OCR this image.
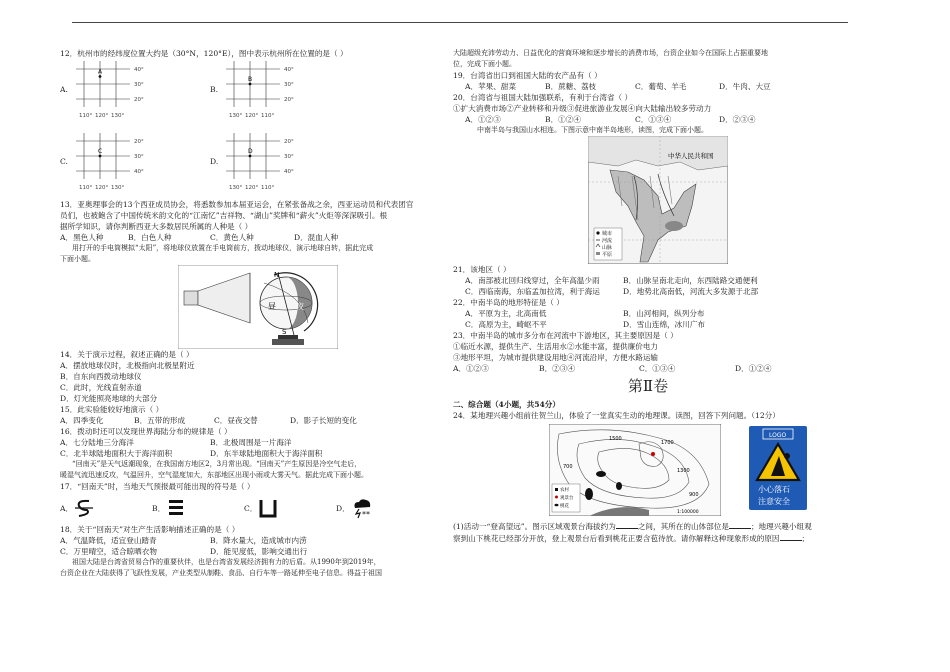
12．杭州市的经纬度位置大约是（30°N，120°E），图中表示杭州所在位置的是（ ）

A.
110° 120° 130°
40°
30°
20°
A
B.
130° 120° 110°
40°
30°
20°
B
C.
110° 120° 130°
20°
30°
40°
C
D.
130° 120° 110°
20°
30°
40°
D

13．亚奥理事会的13个西亚成员协会，将悉数参加本届亚运会，在紧张备战之余，西亚运动员和代表团官

员们，也被飽含了中国传统米韵文化的“江南忆”吉祥物、“湖山”奖牌和“薪火”火炬等深深吸引。根

据所学知识，请你判断西亚大多数居民所属的人种是（ ）

A．黑色人种	B．白色人种	C．黄色人种	D．混血人种

用打开的手电筒模拟“太阳”，将地球仪放置在手电筒前方，拨动地球仪，演示地球自转，据此完成

下面小题。

N
S
昼	夜

14．关于演示过程，叙述正确的是（ ）

A．摆放地球仪时，北极指向北极星附近

B．自东向西拨动地球仪

C．此时，光线直射赤道

D．灯光能照亮地球的大部分

15．此实验能较好地演示（ ）

A．四季变化	B．五带的形成	C．昼夜交替	D．影子长短的变化

16．拨动时还可以发现世界海陆分布的规律是（ ）

A．七分陆地三分海洋	B．北极周围是一片海洋
C．北半球陆地面积大于海洋面积	D．东半球陆地面积大于海洋面积

“回南天”是天气返潮现象，在我国南方地区2，3月常出现。“回南天”产生原因是冷空气走后，

暖湿气流迅速反攻，气温回升，空气湿度加大，东部地区出现小雨或大雾天气。据此完成下面小题。

17．“回南天”时，当地天气预报最可能出现的符号是（ ）

A．	B．	C．	D．
**

18．关于“回南天”对生产生活影响描述正确的是（ ）

A．气温降低，适宜登山踏青	B．降水量大，造成城市内涝
C．万里晴空，适合晾晒衣物	D．能见度低，影响交通出行

祖国大陆是台湾省贸易合作的重要伙伴，也是台湾省发展经济拥有力的后盾。从1990年到2019年，

台资企业在大陆获得了飞跃性发展，产业类型从制鞋、食品、自行车等一路延伸至电子信息。得益于祖国

大陆超级充沛劳动力、日益优化的营商环境和逐步增长的消费市场，台资企业如今在国际上占据重要地

位，完成下面小题。

19．台湾省出口到祖国大陆的农产品有（ ）

A．苹果、甜菜	B．蔗糖、荔枝	C．葡萄、羊毛	D．牛肉、大豆

20．台湾省与祖国大陆加强联系，有利于台湾省（ ）

①扩大消费市场②产业转移和升级③促进旅游业发展④向大陆输出较多劳动力

A．①②③	B．①②④	C．①③④	D．②③④

中南半岛与我国山水相连。下图示意中南半岛地形，读图，完成下面小题。

中华人民共和国
城市
河流
山脉
平原

21．该地区（ ）

A．南部被北回归线穿过，全年高温少雨	B．山脉呈南北走向，东西陆路交通便利
C．西临南海，东临孟加拉湾，利于海运	D．地势北高南低，河流大多发源于北部

22．中南半岛的地形特征是（ ）

A．平原为主，北高南低	B．山河相间，纵列分布
C．高原为主，崎岖不平	D．雪山连绵，冰川广布

23．中南半岛的城市多分布在河流中下游地区，其主要原因是（ ）

①临近水源，提供生产、生活用水②水能丰富，提供廉价电力

③地形平坦，为城市提供建设用地④河流沿岸，方便水路运输

A．①②③	B．②③④	C．①③④	D．①②④
第Ⅱ卷

二、综合题（4小题，共54分）

24．某地理兴趣小组前往贺兰山，体验了一堂真实生动的地理课。读图，回答下列问题。（12分）

1700
1300
1500
900
700
农村
观景台
桃花
1:100000
LOGO
小心落石
注意安全

(1)活动一“登高望远”。图示区域观景台海拔约为	之间，其所在的山体部位是	；地理兴趣小组观

察到山下桃花已经部分开放，登上观景台后看到桃花正要含苞待放。请你解释这种现象形成的原因	；
